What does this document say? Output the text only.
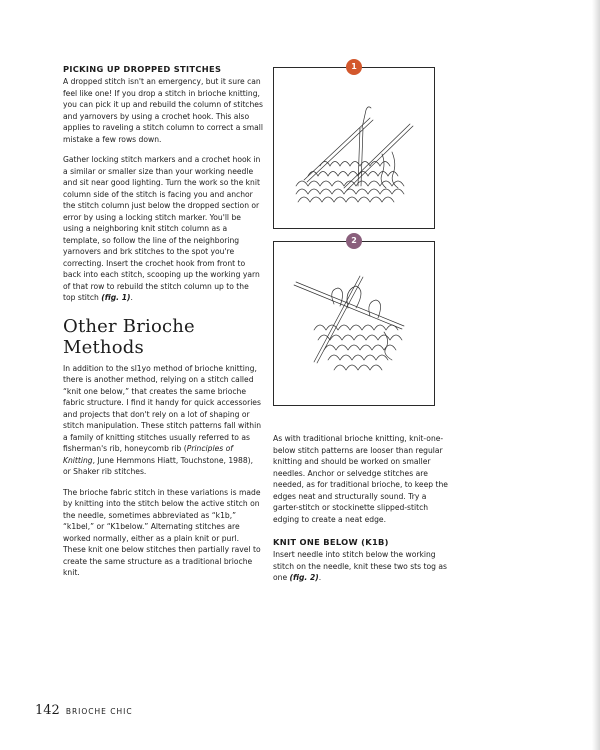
PICKING UP DROPPED STITCHES

A dropped stitch isn't an emergency, but it sure can feel like one! If you drop a stitch in brioche knitting, you can pick it up and rebuild the column of stitches and yarnovers by using a crochet hook. This also applies to raveling a stitch column to correct a small mistake a few rows down.

Gather locking stitch markers and a crochet hook in a similar or smaller size than your working needle and sit near good lighting. Turn the work so the knit column side of the stitch is facing you and anchor the stitch column just below the dropped section or error by using a locking stitch marker. You'll be using a neighboring knit stitch column as a template, so follow the line of the neighboring yarnovers and brk stitches to the spot you're correcting. Insert the crochet hook from front to back into each stitch, scooping up the working yarn of that row to rebuild the stitch column up to the top stitch (fig. 1).

Other Brioche Methods

In addition to the sl1yo method of brioche knitting, there is another method, relying on a stitch called “knit one below,” that creates the same brioche fabric structure. I find it handy for quick accessories and projects that don't rely on a lot of shaping or stitch manipulation. These stitch patterns fall within a family of knitting stitches usually referred to as fisherman's rib, honeycomb rib (Principles of Knitting, June Hemmons Hiatt, Touchstone, 1988), or Shaker rib stitches.

The brioche fabric stitch in these variations is made by knitting into the stitch below the active stitch on the needle, sometimes abbreviated as “k1b,” “k1bel,” or “K1below.” Alternating stitches are worked normally, either as a plain knit or purl. These knit one below stitches then partially ravel to create the same structure as a traditional brioche knit.

1
2

As with traditional brioche knitting, knit-one-below stitch patterns are looser than regular knitting and should be worked on smaller needles. Anchor or selvedge stitches are needed, as for traditional brioche, to keep the edges neat and structurally sound. Try a garter-stitch or stockinette slipped-stitch edging to create a neat edge.

KNIT ONE BELOW (K1B)

Insert needle into stitch below the working stitch on the needle, knit these two sts tog as one (fig. 2).

142 BRIOCHE CHIC
